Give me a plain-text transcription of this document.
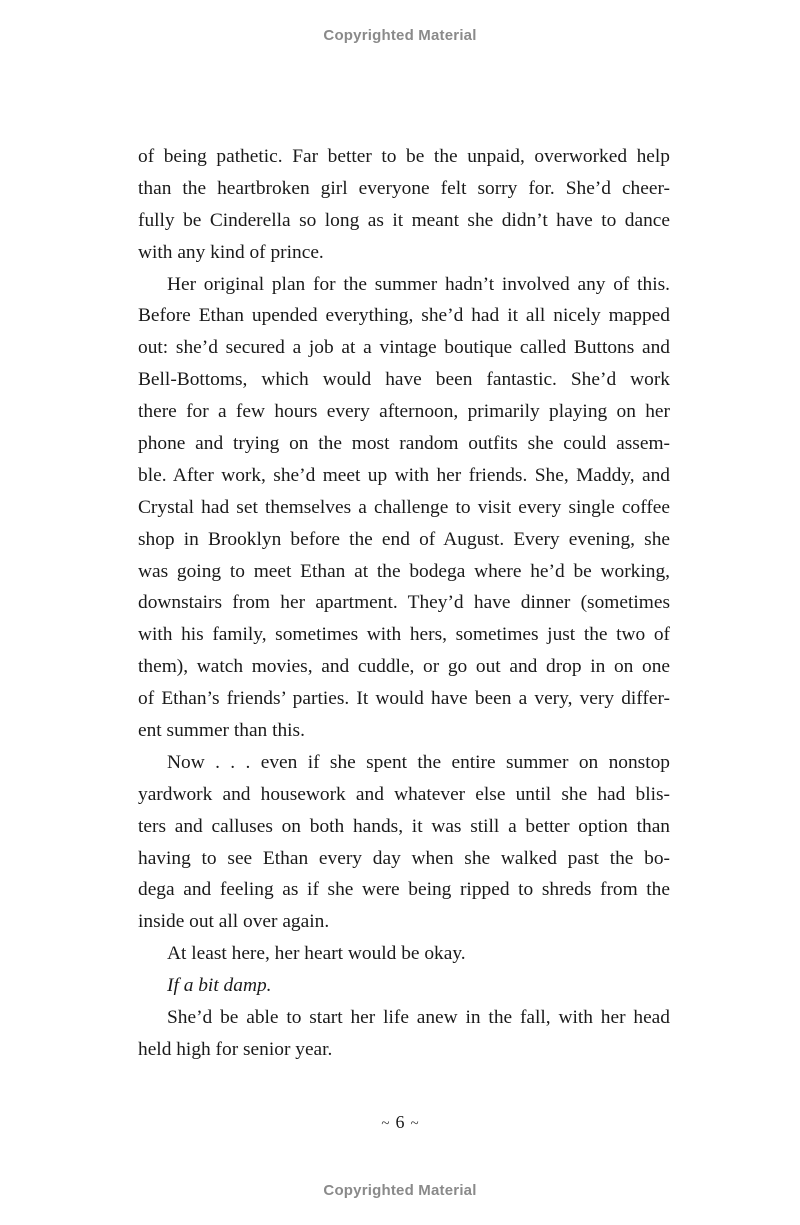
Copyrighted Material
of being pathetic. Far better to be the unpaid, overworked help
than the heartbroken girl everyone felt sorry for. She’d cheer-
fully be Cinderella so long as it meant she didn’t have to dance
with any kind of prince.
Her original plan for the summer hadn’t involved any of this.
Before Ethan upended everything, she’d had it all nicely mapped
out: she’d secured a job at a vintage boutique called Buttons and
Bell-Bottoms, which would have been fantastic. She’d work
there for a few hours every afternoon, primarily playing on her
phone and trying on the most random outfits she could assem-
ble. After work, she’d meet up with her friends. She, Maddy, and
Crystal had set themselves a challenge to visit every single coffee
shop in Brooklyn before the end of August. Every evening, she
was going to meet Ethan at the bodega where he’d be working,
downstairs from her apartment. They’d have dinner (sometimes
with his family, sometimes with hers, sometimes just the two of
them), watch movies, and cuddle, or go out and drop in on one
of Ethan’s friends’ parties. It would have been a very, very differ-
ent summer than this.
Now . . . even if she spent the entire summer on nonstop
yardwork and housework and whatever else until she had blis-
ters and calluses on both hands, it was still a better option than
having to see Ethan every day when she walked past the bo-
dega and feeling as if she were being ripped to shreds from the
inside out all over again.
At least here, her heart would be okay.
If a bit damp.
She’d be able to start her life anew in the fall, with her head
held high for senior year.
~ 6 ~
Copyrighted Material
